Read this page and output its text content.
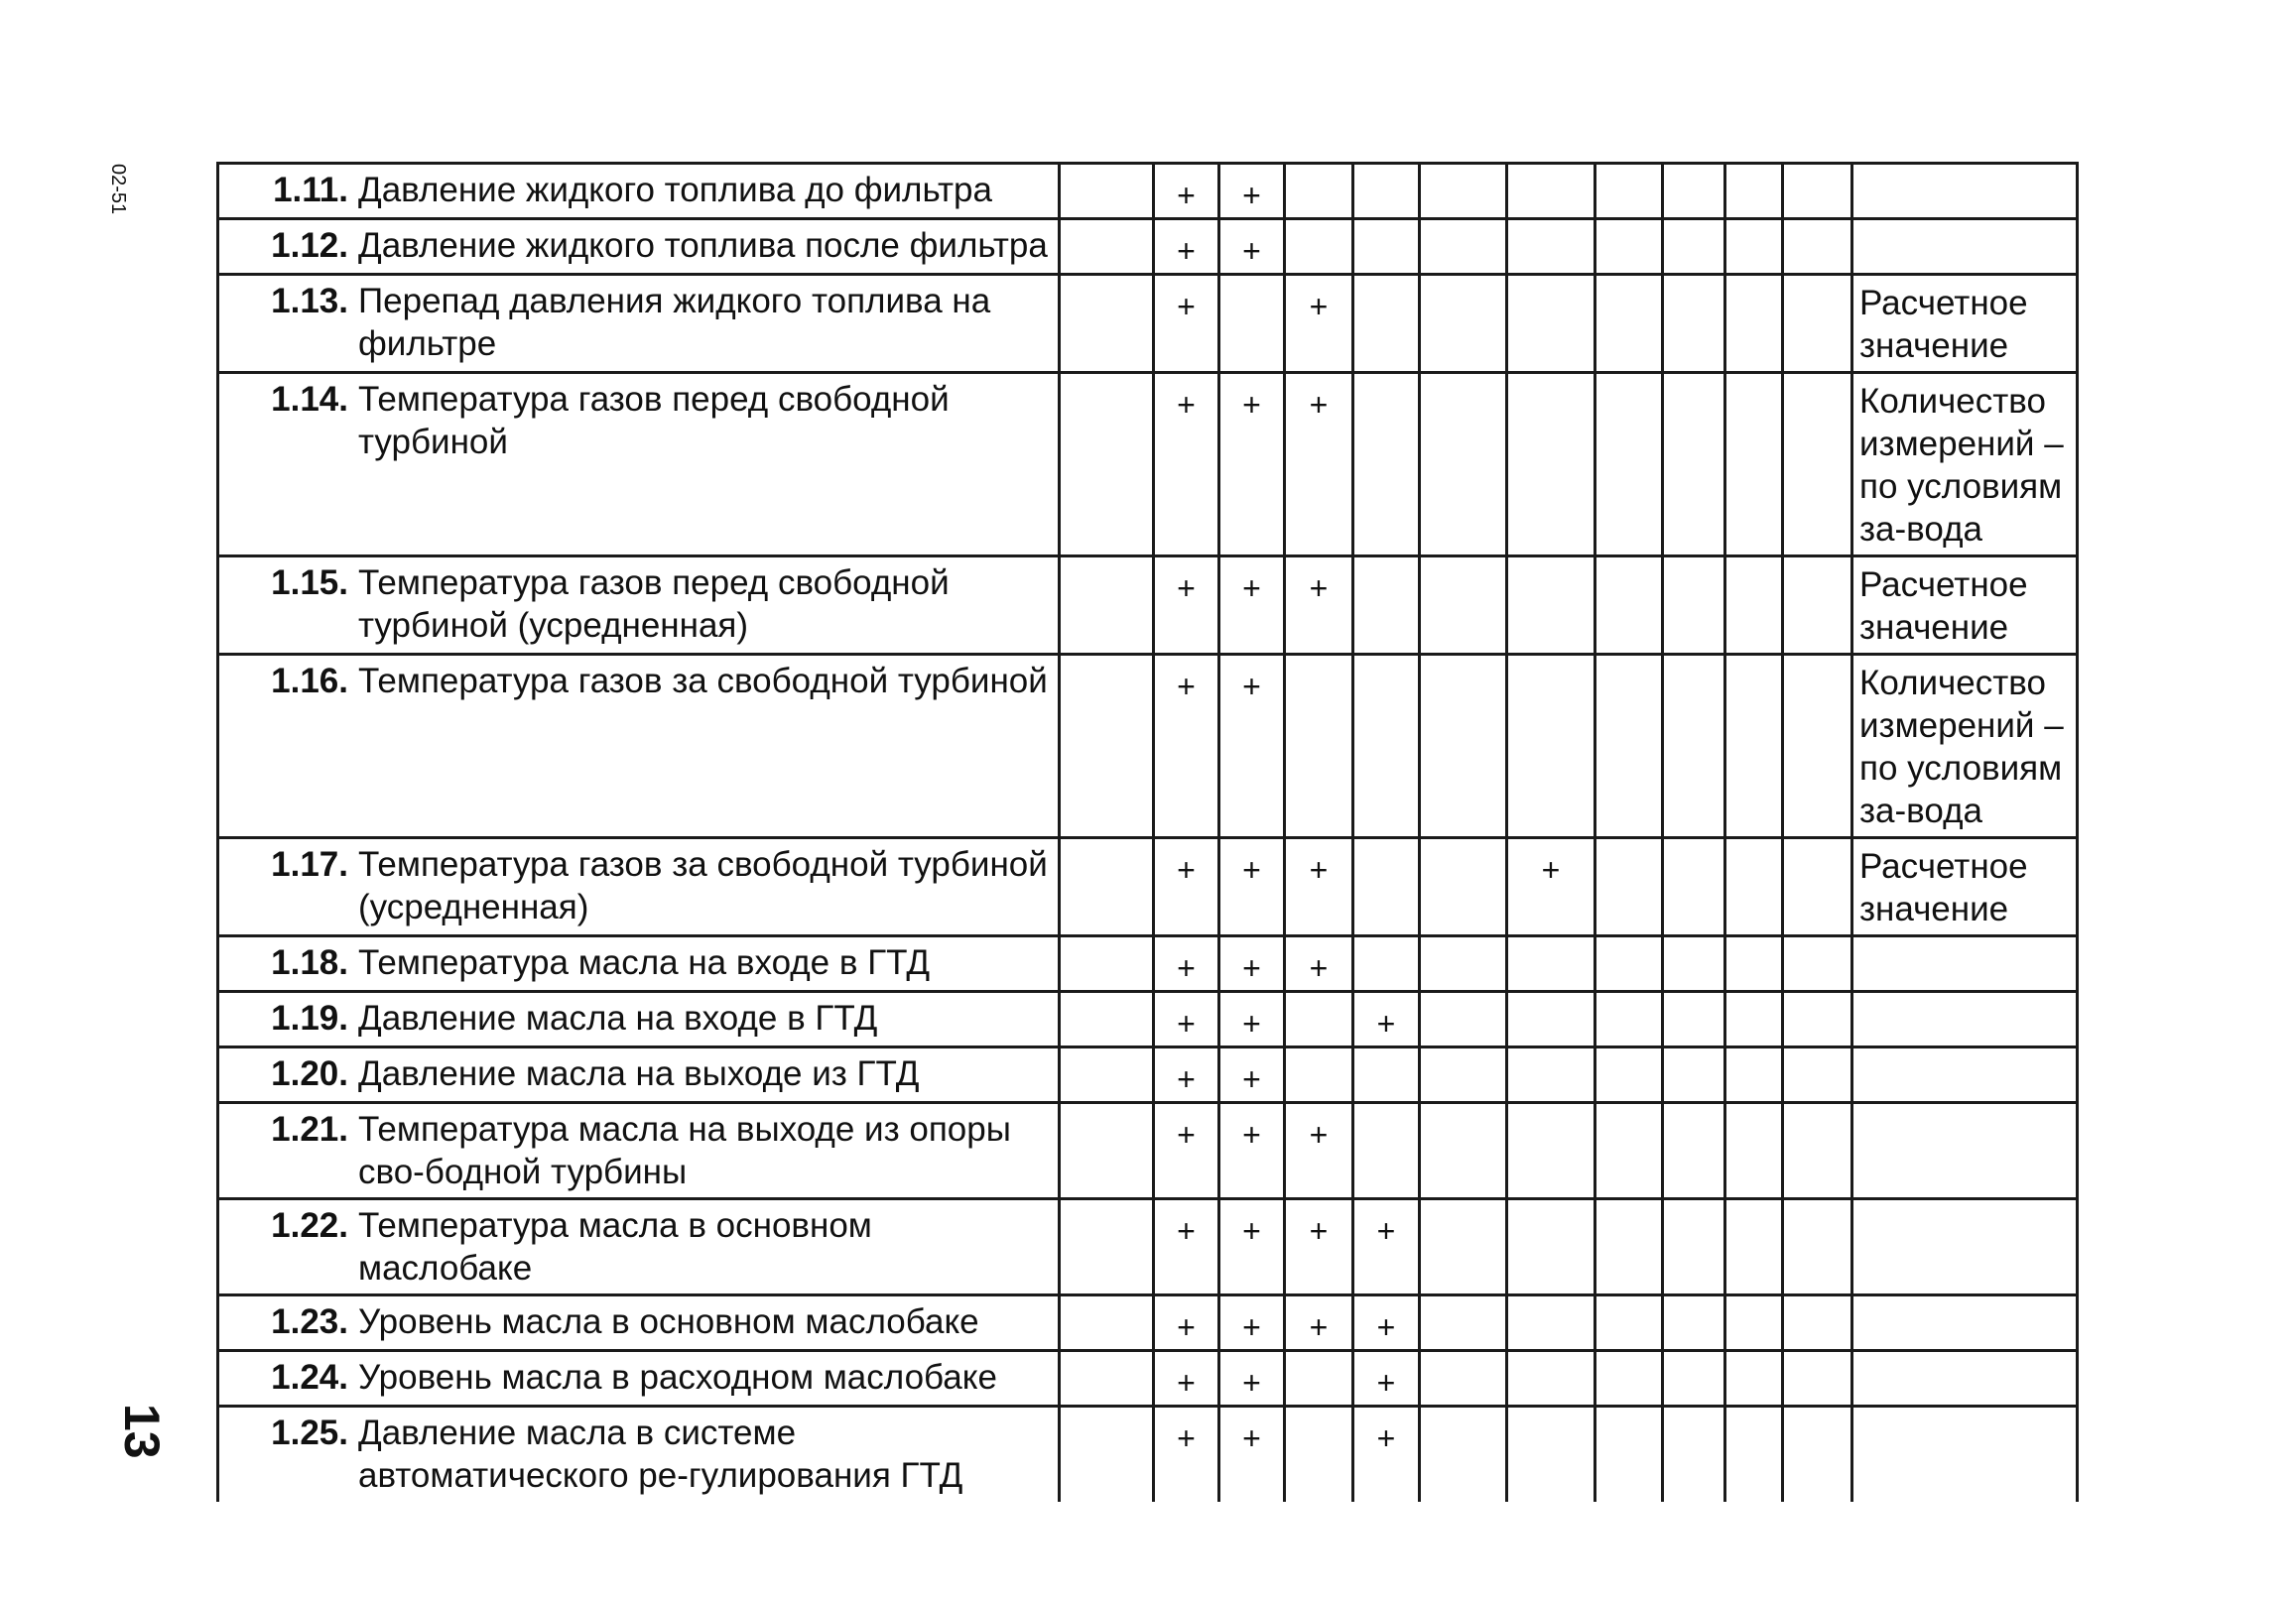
02-51
13
1.11. Давление жидкого топлива до фильтра		+	+									

1.12. Давление жидкого топлива после фильтра		+	+									

1.13. Перепад давления жидкого топлива на фильтре		+		+								Расчетное значение

1.14. Температура газов перед свободной турбиной		+	+	+								Количество измерений – по условиям за-вода

1.15. Температура газов перед свободной турбиной (усредненная)		+	+	+								Расчетное значение

1.16. Температура газов за свободной турбиной		+	+									Количество измерений – по условиям за-вода

1.17. Температура газов за свободной турбиной (усредненная)		+	+	+			+					Расчетное значение

1.18. Температура масла на входе в ГТД		+	+	+								

1.19. Давление масла на входе в ГТД		+	+		+							

1.20. Давление масла на выходе из ГТД		+	+									

1.21. Температура масла на выходе из опоры сво-бодной турбины		+	+	+								

1.22. Температура масла в основном маслобаке		+	+	+	+							

1.23. Уровень масла в основном маслобаке		+	+	+	+							

1.24. Уровень масла в расходном маслобаке		+	+		+							

1.25. Давление масла в системе автоматического ре-гулирования ГТД		+	+		+							
